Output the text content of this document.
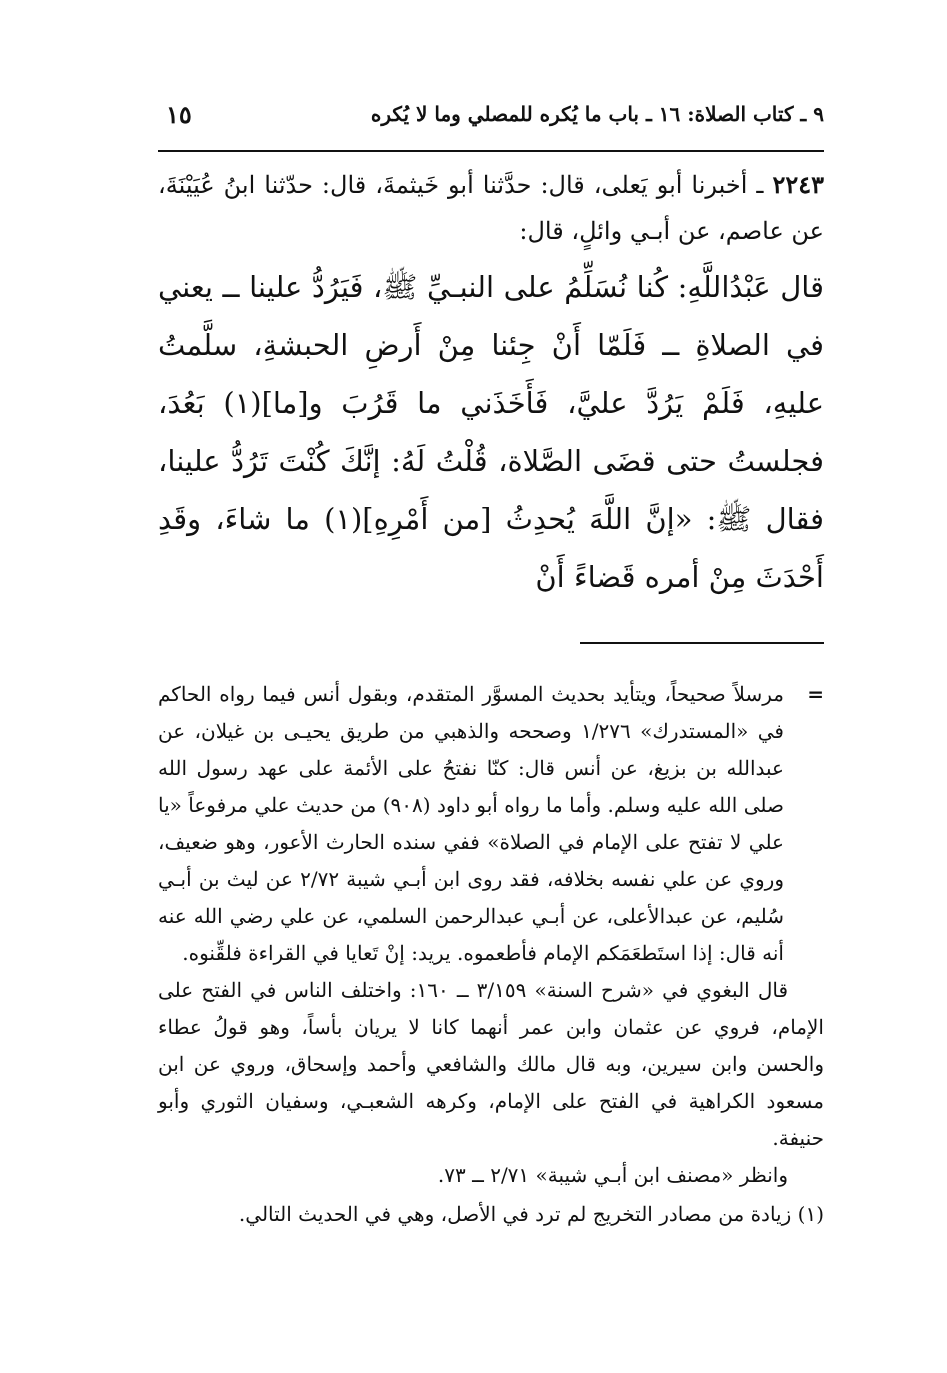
٩ ـ كتاب الصلاة: ١٦ ـ باب ما يُكره للمصلي وما لا يُكره
١٥

٢٢٤٣ ـ أخبرنا أبو يَعلى، قال: حدَّثنا أبو خَيثمةَ، قال: حدّثنا ابنُ عُيَيْنَةَ، عن عاصم، عن أبـي وائلٍ، قال:

قال عَبْدُاللَّهِ: كُنا نُسَلِّمُ على النبـيِّ ﷺ، فَيَرُدُّ علينا ــ يعني في الصلاةِ ــ فَلَمّا أَنْ جِئنا مِنْ أَرضِ الحبشةِ، سلَّمتُ عليهِ، فَلَمْ يَرُدَّ عليَّ، فَأَخَذَني ما قَرُبَ و[ما](١) بَعُدَ، فجلستُ حتى قضَى الصَّلاة، قُلْتُ لَهُ: إنَّكَ كُنْتَ تَرُدُّ علينا، فقال ﷺ: «إنَّ اللَّهَ يُحدِثُ [من أَمْرِهِ](١) ما شاءَ، وقَدِ أَحْدَثَ مِنْ أمره قَضاءً أَنْ

=
مرسلاً صحيحاً، ويتأيد بحديث المسوَّر المتقدم، وبقول أنس فيما رواه الحاكم في «المستدرك» ١/٢٧٦ وصححه والذهبي من طريق يحيـى بن غيلان، عن عبدالله بن بزيغ، عن أنس قال: كنّا نفتحُ على الأئمة على عهد رسول الله صلى الله عليه وسلم. وأما ما رواه أبو داود (٩٠٨) من حديث علي مرفوعاً «يا علي لا تفتح على الإمام في الصلاة» ففي سنده الحارث الأعور، وهو ضعيف، وروي عن علي نفسه بخلافه، فقد روى ابن أبـي شيبة ٢/٧٢ عن ليث بن أبـي سُليم، عن عبدالأعلى، عن أبـي عبدالرحمن السلمي، عن علي رضي الله عنه أنه قال: إذا استَطعَمَكم الإمام فأطعموه. يريد: إنْ تَعايا في القراءة فلقِّنوه.

قال البغوي في «شرح السنة» ٣/١٥٩ ــ ١٦٠: واختلف الناس في الفتح على الإمام، فروي عن عثمان وابن عمر أنهما كانا لا يريان بأساً، وهو قولُ عطاء والحسن وابن سيرين، وبه قال مالك والشافعي وأحمد وإسحاق، وروي عن ابن مسعود الكراهية في الفتح على الإمام، وكرهه الشعبـي، وسفيان الثوري وأبو حنيفة.

وانظر «مصنف ابن أبـي شيبة» ٢/٧١ ــ ٧٣.

(١) زيادة من مصادر التخريج لم ترد في الأصل، وهي في الحديث التالي.
